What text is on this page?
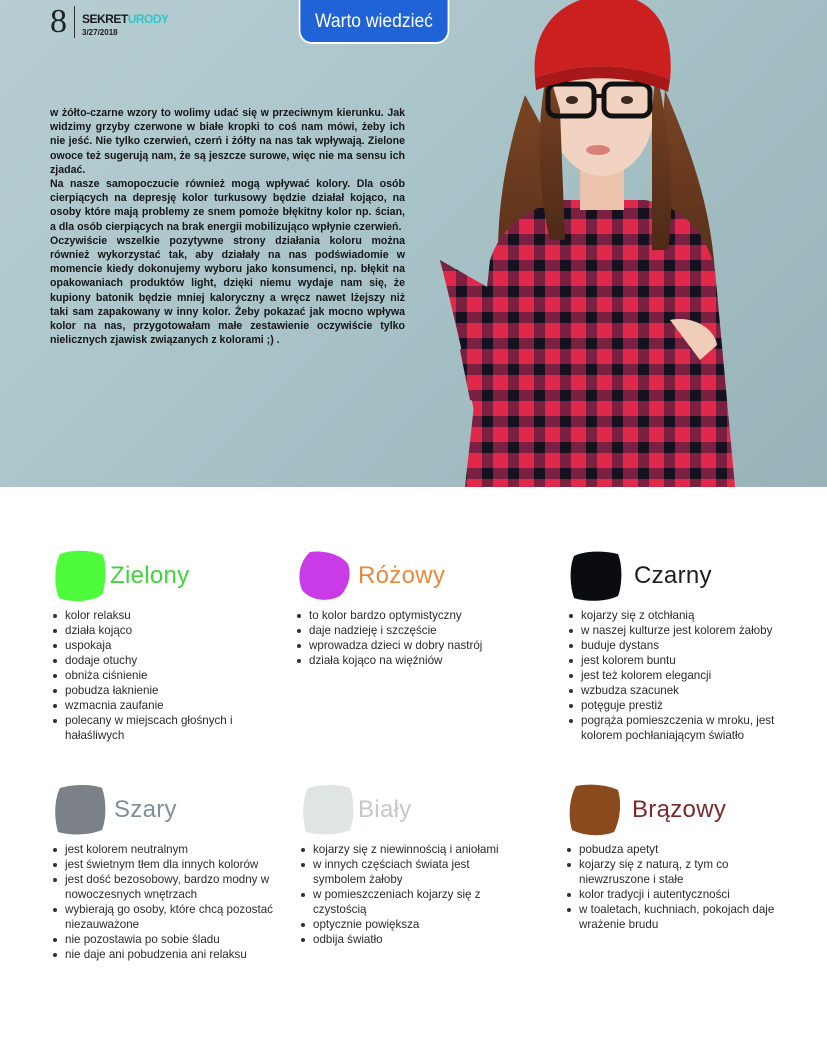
8 SEKRETURODY
3/27/2018
Warto wiedzieć

w żółto-czarne wzory to wolimy udać się w przeciwnym kierunku. Jak widzimy grzyby czerwone w białe kropki to coś nam mówi, żeby ich nie jeść. Nie tylko czerwień, czerń i żółty na nas tak wpływają. Zielone owoce też sugerują nam, że są jeszcze surowe, więc nie ma sensu ich zjadać.

Na nasze samopoczucie również mogą wpływać kolory. Dla osób cierpiących na depresję kolor turkusowy będzie działał kojąco, na osoby które mają problemy ze snem pomoże błękitny kolor np. ścian, a dla osób cierpiących na brak energii mobilizująco wpłynie czerwień.

Oczywiście wszelkie pozytywne strony działania koloru można również wykorzystać tak, aby działały na nas podświadomie w momencie kiedy dokonujemy wyboru jako konsumenci, np. błękit na opakowaniach produktów light, dzięki niemu wydaje nam się, że kupiony batonik będzie mniej kaloryczny a wręcz nawet lżejszy niż taki sam zapakowany w inny kolor. Żeby pokazać jak mocno wpływa kolor na nas, przygotowałam małe zestawienie oczywiście tylko nielicznych zjawisk związanych z kolorami ;) .

Zielony
kolor relaksu
działa kojąco
uspokaja
dodaje otuchy
obniża ciśnienie
pobudza łaknienie
wzmacnia zaufanie
polecany w miejscach głośnych i hałaśliwych
Różowy
to kolor bardzo optymistyczny
daje nadzieję i szczęście
wprowadza dzieci w dobry nastrój
działa kojąco na więźniów
Czarny
kojarzy się z otchłanią
w naszej kulturze jest kolorem żałoby
buduje dystans
jest kolorem buntu
jest też kolorem elegancji
wzbudza szacunek
potęguje prestiż
pogrąża pomieszczenia w mroku, jest kolorem pochłaniającym światło
Szary
jest kolorem neutralnym
jest świetnym tłem dla innych kolorów
jest dość bezosobowy, bardzo modny w nowoczesnych wnętrzach
wybierają go osoby, które chcą pozostać niezauważone
nie pozostawia po sobie śladu
nie daje ani pobudzenia ani relaksu
Biały
kojarzy się z niewinnością i aniołami
w innych częściach świata jest symbolem żałoby
w pomieszczeniach kojarzy się z czystością
optycznie powiększa
odbija światło
Brązowy
pobudza apetyt
kojarzy się z naturą, z tym co niewzruszone i stałe
kolor tradycji i autentyczności
w toaletach, kuchniach, pokojach daje wrażenie brudu
